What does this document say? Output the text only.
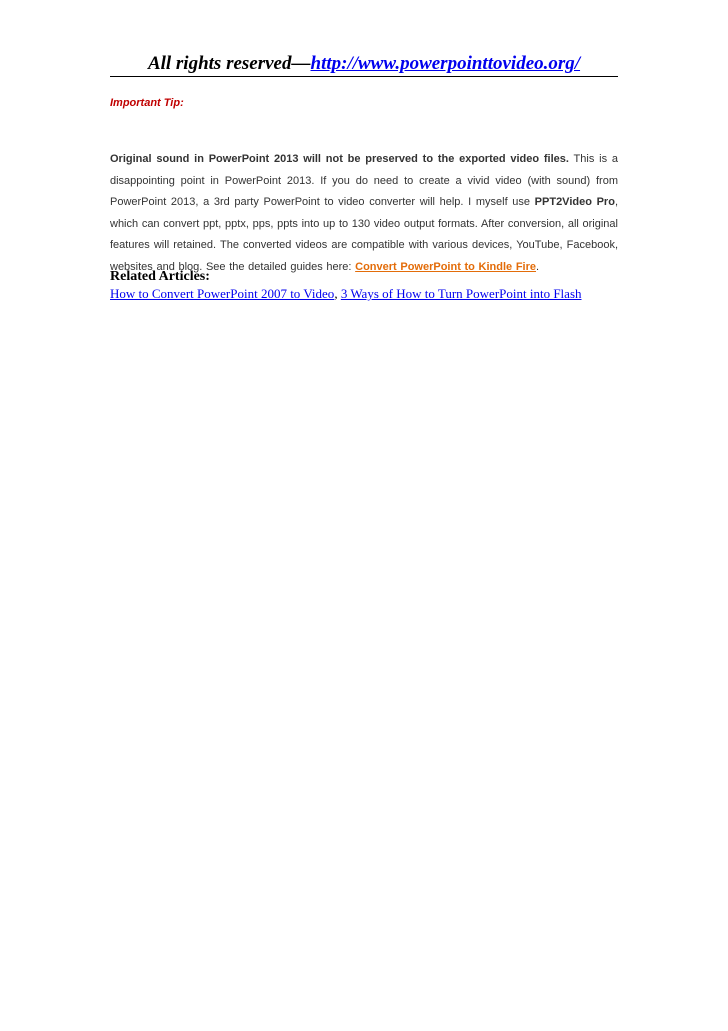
All rights reserved—http://www.powerpointtovideo.org/
Important Tip:
Original sound in PowerPoint 2013 will not be preserved to the exported video files. This is a disappointing point in PowerPoint 2013. If you do need to create a vivid video (with sound) from PowerPoint 2013, a 3rd party PowerPoint to video converter will help. I myself use PPT2Video Pro, which can convert ppt, pptx, pps, ppts into up to 130 video output formats. After conversion, all original features will retained. The converted videos are compatible with various devices, YouTube, Facebook, websites and blog. See the detailed guides here: Convert PowerPoint to Kindle Fire.
Related Articles:
How to Convert PowerPoint 2007 to Video, 3 Ways of How to Turn PowerPoint into Flash
